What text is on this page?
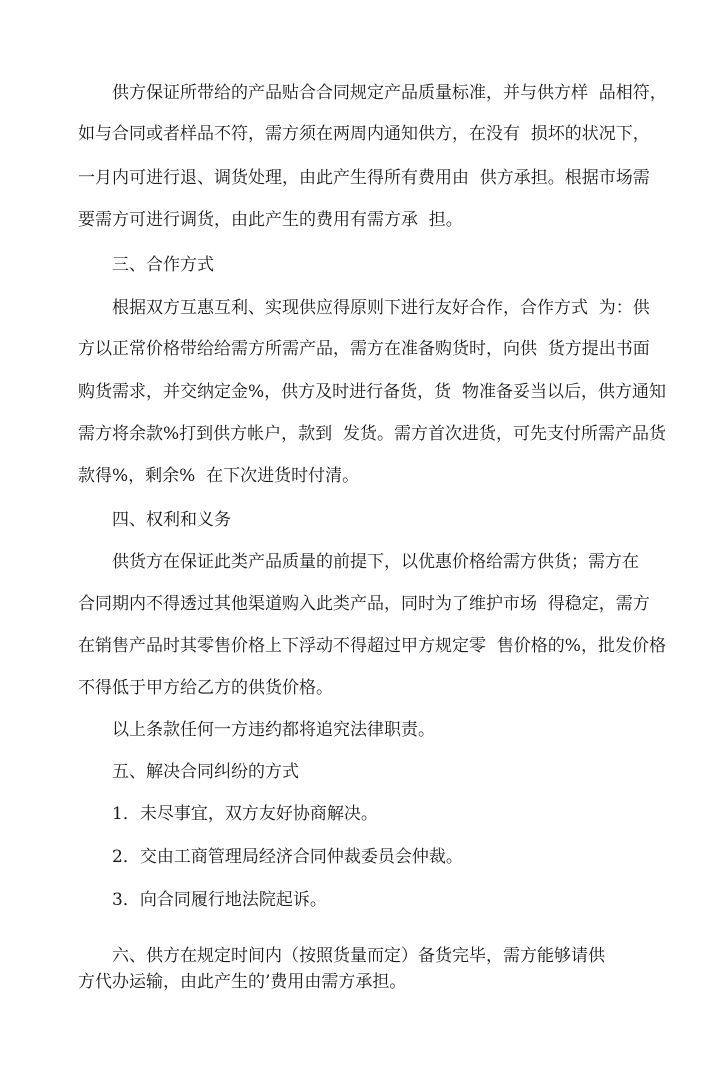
供方保证所带给的产品贴合合同规定产品质量标准，并与供方样  品相符，
如与合同或者样品不符，需方须在两周内通知供方，在没有  损坏的状况下，
一月内可进行退、调货处理，由此产生得所有费用由  供方承担。根据市场需
要需方可进行调货，由此产生的费用有需方承  担。
三、合作方式
根据双方互惠互利、实现供应得原则下进行友好合作，合作方式  为：供
方以正常价格带给给需方所需产品，需方在准备购货时，向供  货方提出书面
购货需求，并交纳定金%，供方及时进行备货，货  物准备妥当以后，供方通知
需方将余款%打到供方帐户，款到  发货。需方首次进货，可先支付所需产品货
款得%，剩余%  在下次进货时付清。
四、权利和义务
供货方在保证此类产品质量的前提下，以优惠价格给需方供货；需方在
合同期内不得透过其他渠道购入此类产品，同时为了维护市场  得稳定，需方
在销售产品时其零售价格上下浮动不得超过甲方规定零  售价格的%，批发价格
不得低于甲方给乙方的供货价格。
以上条款任何一方违约都将追究法律职责。
五、解决合同纠纷的方式
1．未尽事宜，双方友好协商解决。
2．交由工商管理局经济合同仲裁委员会仲裁。
3．向合同履行地法院起诉。
六、供方在规定时间内（按照货量而定）备货完毕，需方能够请供
方代办运输，由此产生的’费用由需方承担。
